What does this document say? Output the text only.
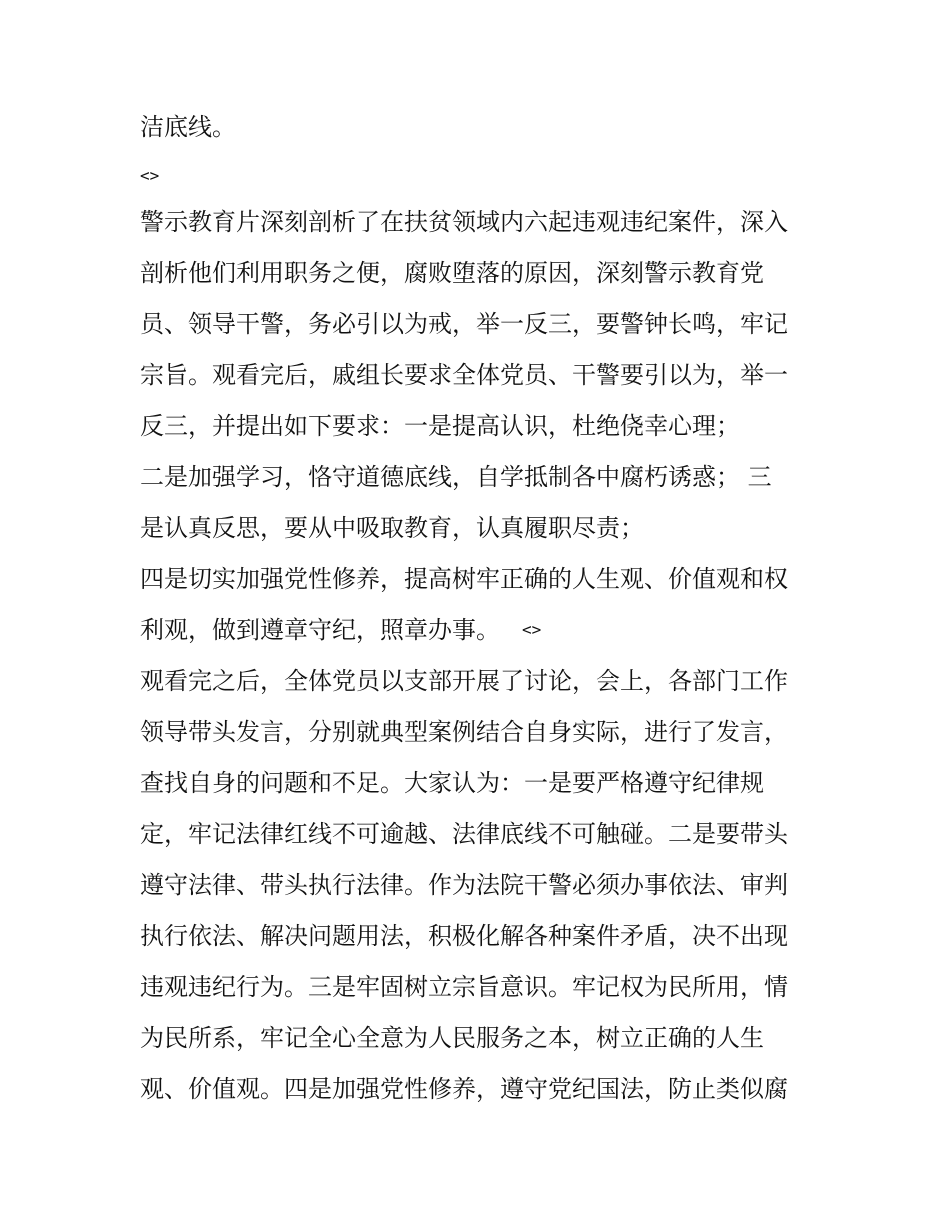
洁底线。
<>
警示教育片深刻剖析了在扶贫领域内六起违观违纪案件，深入
剖析他们利用职务之便，腐败堕落的原因，深刻警示教育党
员、领导干警，务必引以为戒，举一反三，要警钟长鸣，牢记
宗旨。观看完后，戚组长要求全体党员、干警要引以为，举一
反三，并提出如下要求：一是提高认识，杜绝侥幸心理；
二是加强学习，恪守道德底线，自学抵制各中腐朽诱惑； 三
是认真反思，要从中吸取教育，认真履职尽责；
四是切实加强党性修养，提高树牢正确的人生观、价值观和权
利观，做到遵章守纪，照章办事。 <>
观看完之后，全体党员以支部开展了讨论，会上，各部门工作
领导带头发言，分别就典型案例结合自身实际，进行了发言，
查找自身的问题和不足。大家认为：一是要严格遵守纪律规
定，牢记法律红线不可逾越、法律底线不可触碰。二是要带头
遵守法律、带头执行法律。作为法院干警必须办事依法、审判
执行依法、解决问题用法，积极化解各种案件矛盾，决不出现
违观违纪行为。三是牢固树立宗旨意识。牢记权为民所用，情
为民所系，牢记全心全意为人民服务之本，树立正确的人生
观、价值观。四是加强党性修养，遵守党纪国法，防止类似腐
